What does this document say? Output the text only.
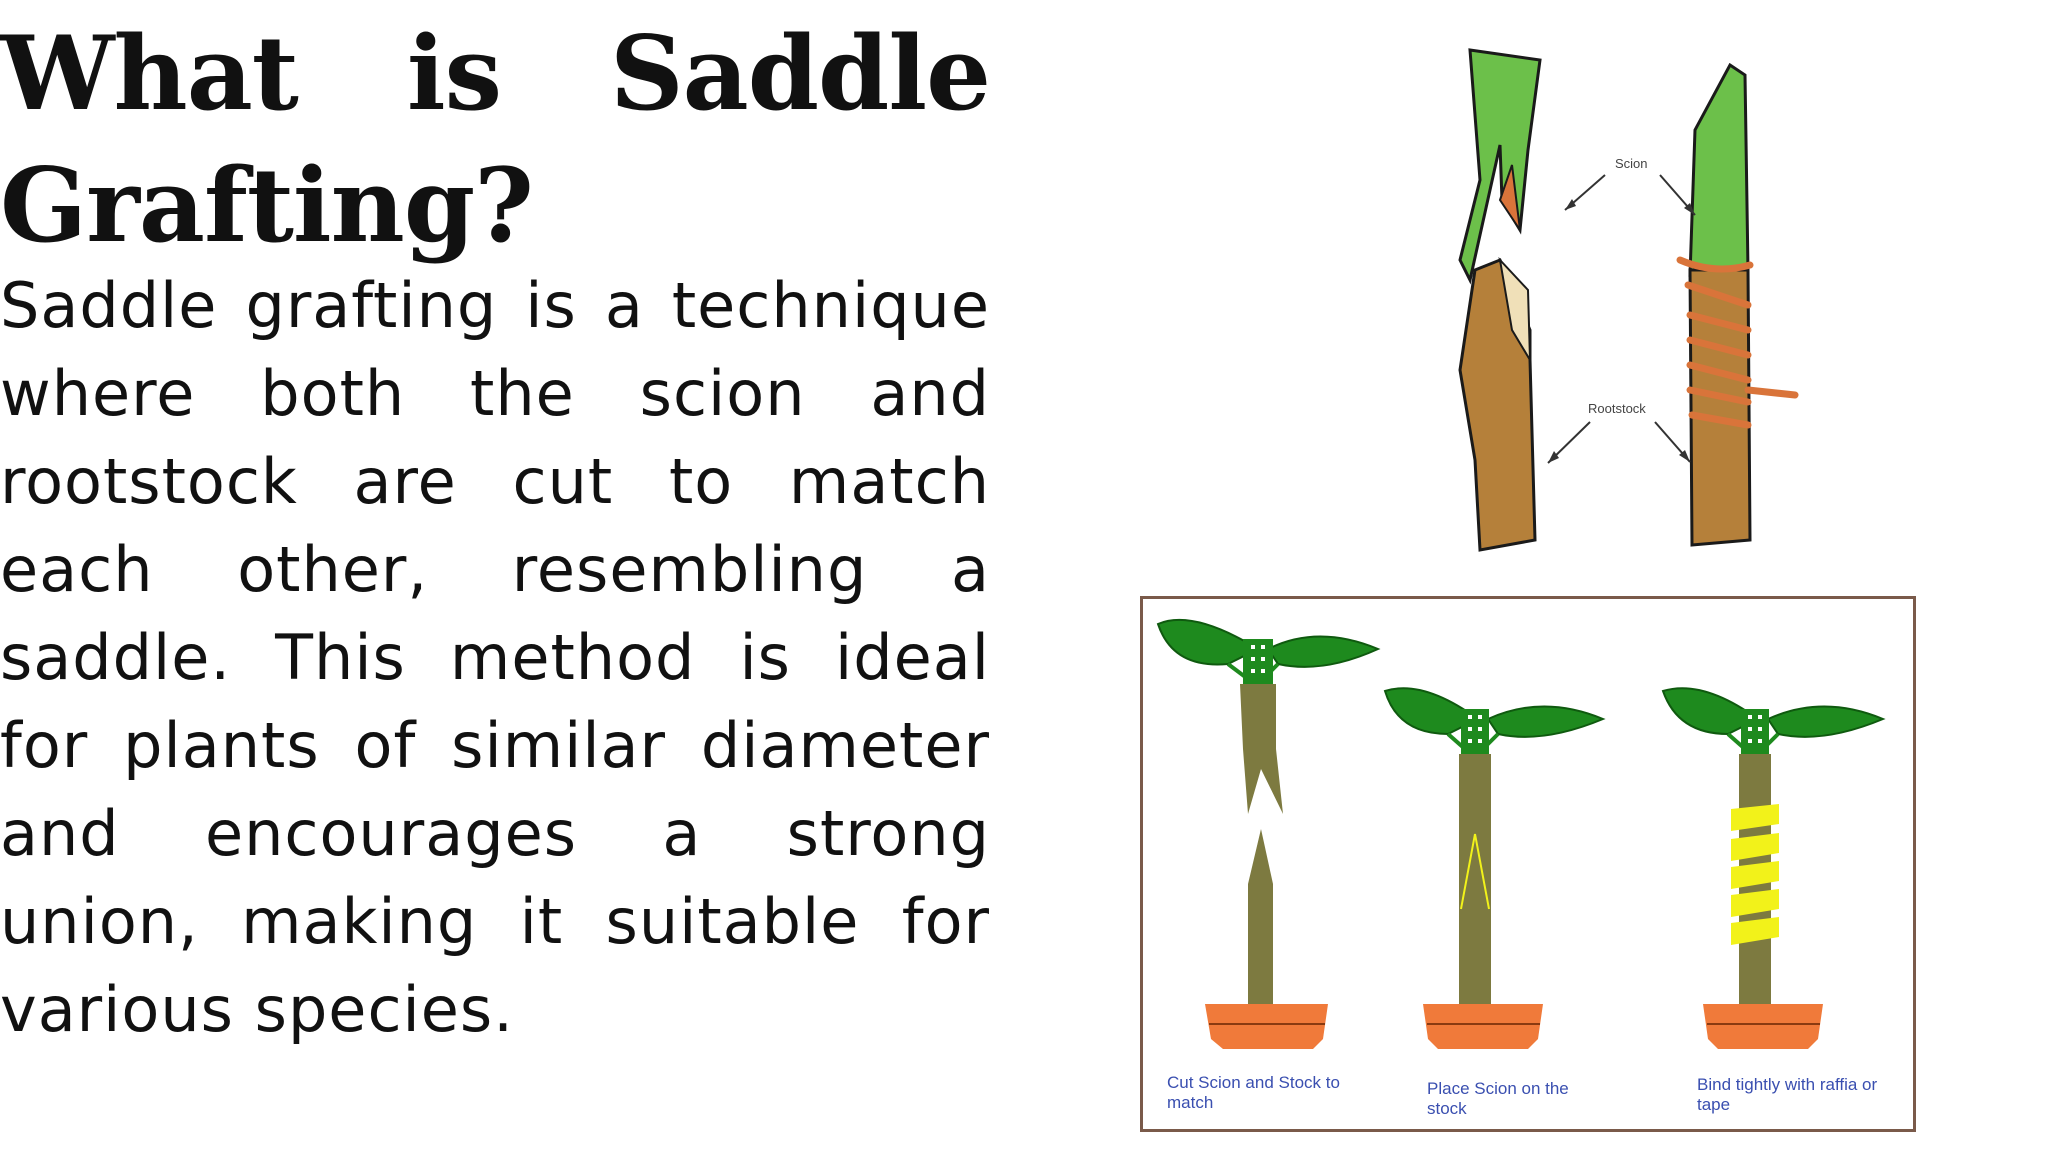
What is Saddle
Grafting?

Saddle grafting is a technique where both the scion and rootstock are cut to match each other, resembling a saddle. This method is ideal for plants of similar diameter and encourages a strong union, making it suitable for various species.

Scion
Rootstock
Cut Scion and Stock to match
Place Scion on the stock
Bind tightly with raffia or tape
